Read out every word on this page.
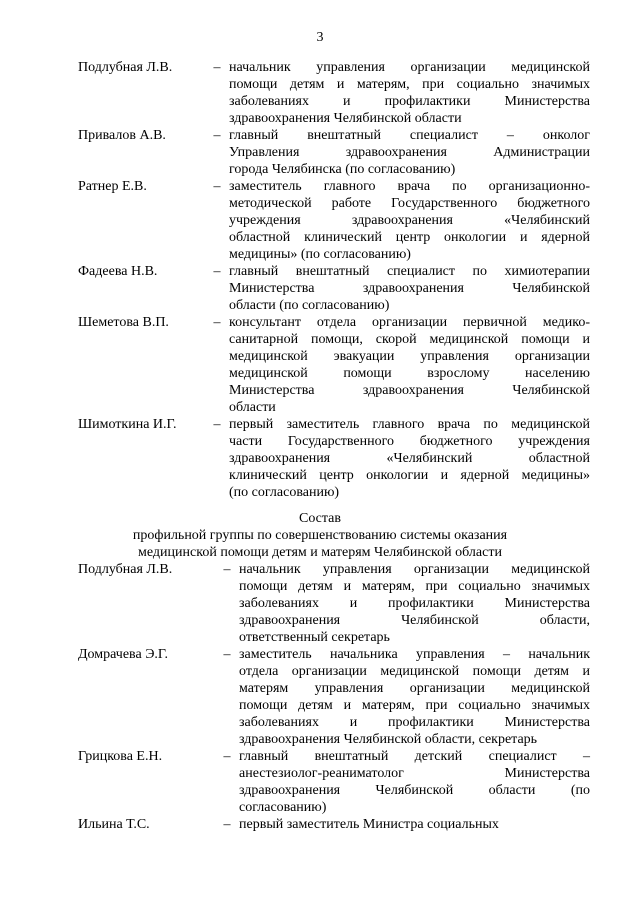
3
Подлубная Л.В.	– начальник управления организации медицинской
помощи детям и матерям, при социально значимых
заболеваниях и профилактики Министерства
здравоохранения Челябинской области
Привалов А.В.	– главный внештатный специалист – онколог
Управления здравоохранения Администрации
города Челябинска (по согласованию)
Ратнер Е.В.	– заместитель главного врача по организационно-
методической работе Государственного бюджетного
учреждения здравоохранения «Челябинский
областной клинический центр онкологии и ядерной
медицины» (по согласованию)
Фадеева Н.В.	– главный внештатный специалист по химиотерапии
Министерства здравоохранения Челябинской
области (по согласованию)
Шеметова В.П.	– консультант отдела организации первичной медико-
санитарной помощи, скорой медицинской помощи и
медицинской эвакуации управления организации
медицинской помощи взрослому населению
Министерства здравоохранения Челябинской
области
Шимоткина И.Г.	– первый заместитель главного врача по медицинской
части Государственного бюджетного учреждения
здравоохранения «Челябинский областной
клинический центр онкологии и ядерной медицины»
(по согласованию)
Состав
профильной группы по совершенствованию системы оказания
медицинской помощи детям и матерям Челябинской области
Подлубная Л.В.	– начальник управления организации медицинской
помощи детям и матерям, при социально значимых
заболеваниях и профилактики Министерства
здравоохранения Челябинской области,
ответственный секретарь
Домрачева Э.Г.	– заместитель начальника управления – начальник
отдела организации медицинской помощи детям и
матерям управления организации медицинской
помощи детям и матерям, при социально значимых
заболеваниях и профилактики Министерства
здравоохранения Челябинской области, секретарь
Грицкова Е.Н.	– главный внештатный детский специалист –
анестезиолог-реаниматолог Министерства
здравоохранения Челябинской области (по
согласованию)
Ильина Т.С.	– первый заместитель Министра социальных
